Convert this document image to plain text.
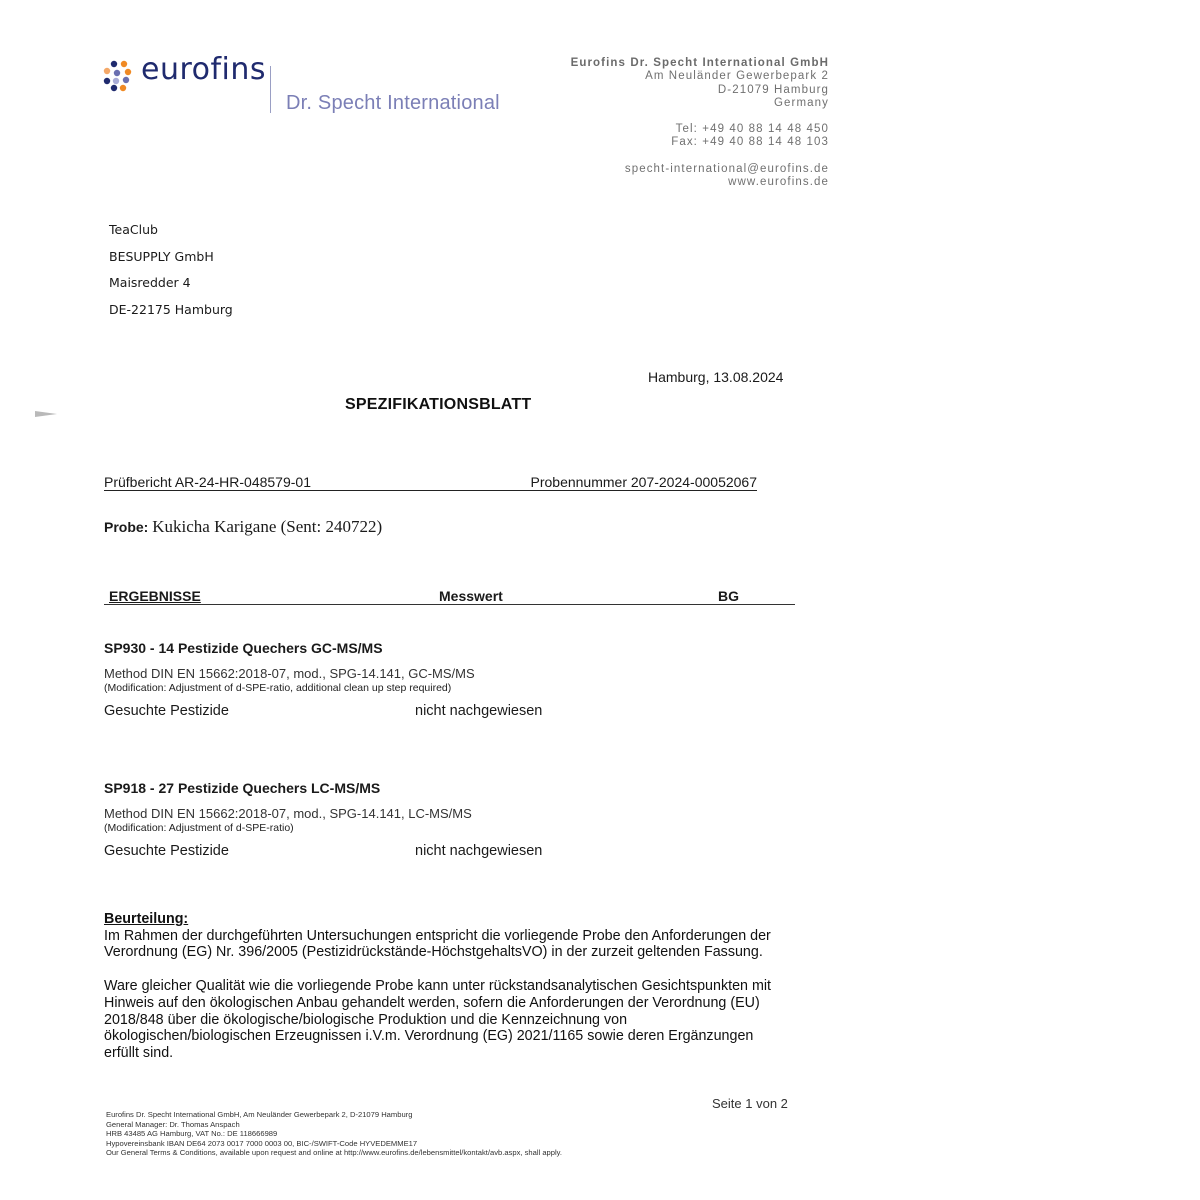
eurofins
Dr. Specht International
Eurofins Dr. Specht International GmbH
Am Neuländer Gewerbepark 2
D-21079 Hamburg
Germany
Tel: +49 40 88 14 48 450
Fax: +49 40 88 14 48 103
specht-international@eurofins.de
www.eurofins.de
TeaClub
BESUPPLY GmbH
Maisredder 4
DE-22175 Hamburg
Hamburg, 13.08.2024
SPEZIFIKATIONSBLATT
Prüfbericht AR-24-HR-048579-01	Probennummer 207-2024-00052067
Probe: Kukicha Karigane (Sent: 240722)
ERGEBNISSE	Messwert	BG
SP930 - 14 Pestizide Quechers GC-MS/MS
Method DIN EN 15662:2018-07, mod., SPG-14.141, GC-MS/MS
(Modification: Adjustment of d-SPE-ratio, additional clean up step required)
Gesuchte Pestizide	nicht nachgewiesen
SP918 - 27 Pestizide Quechers LC-MS/MS
Method DIN EN 15662:2018-07, mod., SPG-14.141, LC-MS/MS
(Modification: Adjustment of d-SPE-ratio)
Gesuchte Pestizide	nicht nachgewiesen
Beurteilung:

Im Rahmen der durchgeführten Untersuchungen entspricht die vorliegende Probe den Anforderungen der
Verordnung (EG) Nr. 396/2005 (Pestizidrückstände-HöchstgehaltsVO) in der zurzeit geltenden Fassung.

Ware gleicher Qualität wie die vorliegende Probe kann unter rückstandsanalytischen Gesichtspunkten mit
Hinweis auf den ökologischen Anbau gehandelt werden, sofern die Anforderungen der Verordnung (EU)
2018/848 über die ökologische/biologische Produktion und die Kennzeichnung von
ökologischen/biologischen Erzeugnissen i.V.m. Verordnung (EG) 2021/1165 sowie deren Ergänzungen
erfüllt sind.

Seite 1 von 2
Eurofins Dr. Specht International GmbH, Am Neuländer Gewerbepark 2, D-21079 Hamburg
General Manager: Dr. Thomas Anspach
HRB 43485 AG Hamburg, VAT No.: DE 118666989
Hypovereinsbank IBAN DE64 2073 0017 7000 0003 00, BIC-/SWIFT-Code HYVEDEMME17
Our General Terms & Conditions, available upon request and online at http://www.eurofins.de/lebensmittel/kontakt/avb.aspx, shall apply.
